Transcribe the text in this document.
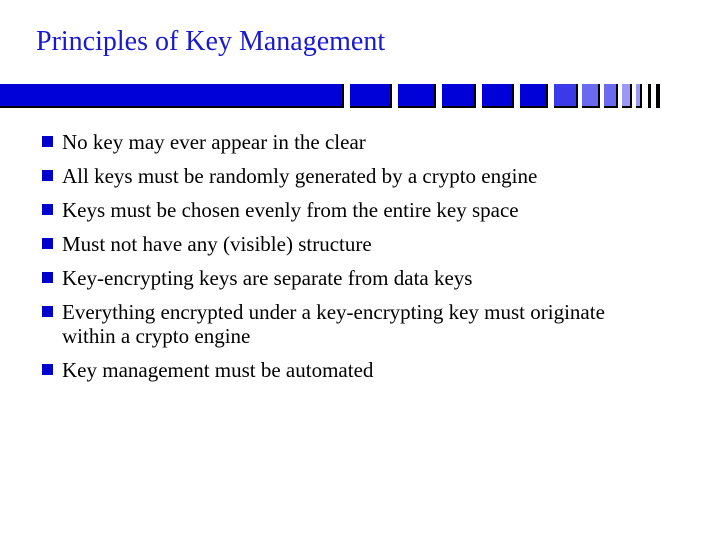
Principles of Key Management
No key may ever appear in the clear
All keys must be randomly generated by a crypto engine
Keys must be chosen evenly from the entire key space
Must not have any (visible) structure
Key-encrypting keys are separate from data keys
Everything encrypted under a key-encrypting key must originate within a crypto engine
Key management must be automated
